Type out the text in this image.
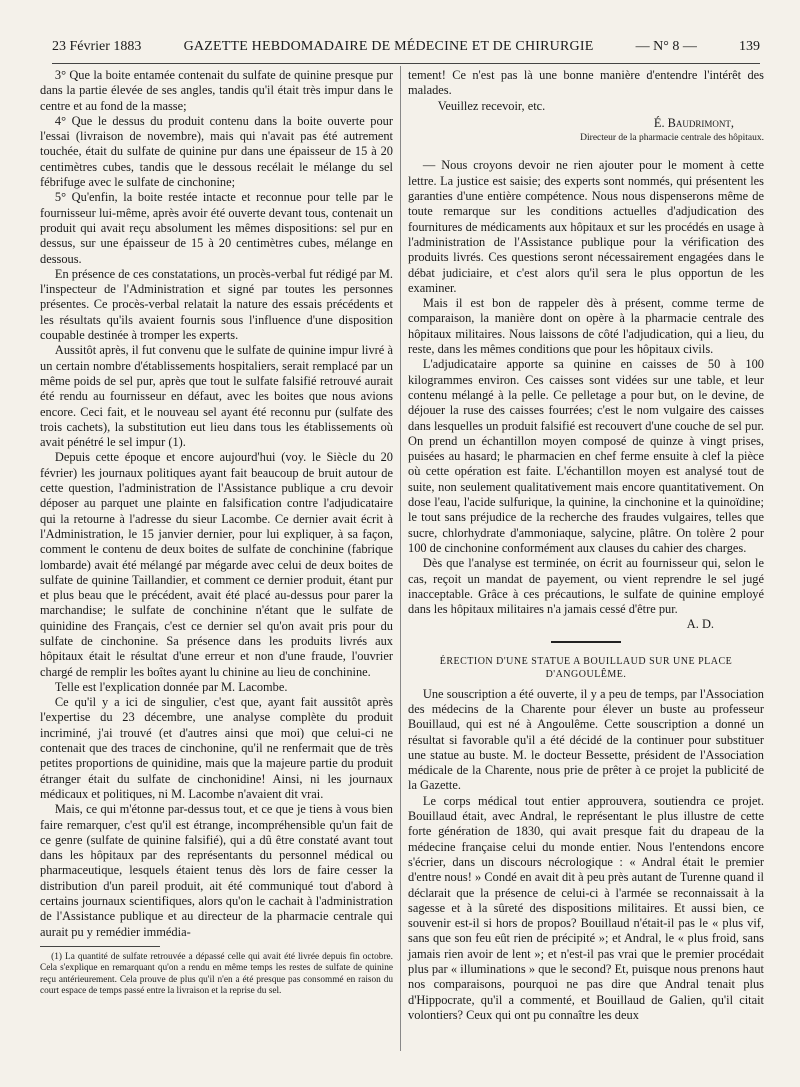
23 Février 1883	GAZETTE HEBDOMADAIRE DE MÉDECINE ET DE CHIRURGIE	— N° 8 —	139

3° Que la boite entamée contenait du sulfate de quinine presque pur dans la partie élevée de ses angles, tandis qu'il était très impur dans le centre et au fond de la masse;

4° Que le dessus du produit contenu dans la boite ouverte pour l'essai (livraison de novembre), mais qui n'avait pas été autrement touchée, était du sulfate de quinine pur dans une épaisseur de 15 à 20 centimètres cubes, tandis que le dessous recélait le mélange du sel fébrifuge avec le sulfate de cinchonine;

5° Qu'enfin, la boite restée intacte et reconnue pour telle par le fournisseur lui-même, après avoir été ouverte devant tous, contenait un produit qui avait reçu absolument les mêmes dispositions: sel pur en dessus, sur une épaisseur de 15 à 20 centimètres cubes, mélange en dessous.

En présence de ces constatations, un procès-verbal fut rédigé par M. l'inspecteur de l'Administration et signé par toutes les personnes présentes. Ce procès-verbal relatait la nature des essais précédents et les résultats qu'ils avaient fournis sous l'influence d'une disposition coupable destinée à tromper les experts.

Aussitôt après, il fut convenu que le sulfate de quinine impur livré à un certain nombre d'établissements hospitaliers, serait remplacé par un même poids de sel pur, après que tout le sulfate falsifié retrouvé aurait été rendu au fournisseur en défaut, avec les boites que nous avions encore. Ceci fait, et le nouveau sel ayant été reconnu pur (sulfate des trois cachets), la substitution eut lieu dans tous les établissements où avait pénétré le sel impur (1).

Depuis cette époque et encore aujourd'hui (voy. le Siècle du 20 février) les journaux politiques ayant fait beaucoup de bruit autour de cette question, l'administration de l'Assistance publique a cru devoir déposer au parquet une plainte en falsification contre l'adjudicataire qui la retourne à l'adresse du sieur Lacombe. Ce dernier avait écrit à l'Administration, le 15 janvier dernier, pour lui expliquer, à sa façon, comment le contenu de deux boites de sulfate de conchinine (fabrique lombarde) avait été mélangé par mégarde avec celui de deux boites de sulfate de quinine Taillandier, et comment ce dernier produit, étant pur et plus beau que le précédent, avait été placé au-dessus pour parer la marchandise; le sulfate de conchinine n'étant que le sulfate de quinidine des Français, c'est ce dernier sel qu'on avait pris pour du sulfate de cinchonine. Sa présence dans les produits livrés aux hôpitaux était le résultat d'une erreur et non d'une fraude, l'ouvrier chargé de remplir les boîtes ayant lu chinine au lieu de conchinine.

Telle est l'explication donnée par M. Lacombe.

Ce qu'il y a ici de singulier, c'est que, ayant fait aussitôt après l'expertise du 23 décembre, une analyse complète du produit incriminé, j'ai trouvé (et d'autres ainsi que moi) que celui-ci ne contenait que des traces de cinchonine, qu'il ne renfermait que de très petites proportions de quinidine, mais que la majeure partie du produit étranger était du sulfate de cinchonidine! Ainsi, ni les journaux médicaux et politiques, ni M. Lacombe n'avaient dit vrai.

Mais, ce qui m'étonne par-dessus tout, et ce que je tiens à vous bien faire remarquer, c'est qu'il est étrange, incompréhensible qu'un fait de ce genre (sulfate de quinine falsifié), qui a dû être constaté avant tout dans les hôpitaux par des représentants du personnel médical ou pharmaceutique, lesquels étaient tenus dès lors de faire cesser la distribution d'un pareil produit, ait été communiqué tout d'abord à certains journaux scientifiques, alors qu'on le cachait à l'administration de l'Assistance publique et au directeur de la pharmacie centrale qui aurait pu y remédier immédia-

(1) La quantité de sulfate retrouvée a dépassé celle qui avait été livrée depuis fin octobre. Cela s'explique en remarquant qu'on a rendu en même temps les restes de sulfate de quinine reçu antérieurement. Cela prouve de plus qu'il n'en a été presque pas consommé en raison du court espace de temps passé entre la livraison et la reprise du sel.

tement! Ce n'est pas là une bonne manière d'entendre l'intérêt des malades.

Veuillez recevoir, etc.

É. Baudrimont,
Directeur de la pharmacie centrale des hôpitaux.

— Nous croyons devoir ne rien ajouter pour le moment à cette lettre. La justice est saisie; des experts sont nommés, qui présentent les garanties d'une entière compétence. Nous nous dispenserons même de toute remarque sur les conditions actuelles d'adjudication des fournitures de médicaments aux hôpitaux et sur les procédés en usage à l'administration de l'Assistance publique pour la vérification des produits livrés. Ces questions seront nécessairement engagées dans le débat judiciaire, et c'est alors qu'il sera le plus opportun de les examiner.

Mais il est bon de rappeler dès à présent, comme terme de comparaison, la manière dont on opère à la pharmacie centrale des hôpitaux militaires. Nous laissons de côté l'adjudication, qui a lieu, du reste, dans les mêmes conditions que pour les hôpitaux civils.

L'adjudicataire apporte sa quinine en caisses de 50 à 100 kilogrammes environ. Ces caisses sont vidées sur une table, et leur contenu mélangé à la pelle. Ce pelletage a pour but, on le devine, de déjouer la ruse des caisses fourrées; c'est le nom vulgaire des caisses dans lesquelles un produit falsifié est recouvert d'une couche de sel pur. On prend un échantillon moyen composé de quinze à vingt prises, puisées au hasard; le pharmacien en chef ferme ensuite à clef la pièce où cette opération est faite. L'échantillon moyen est analysé tout de suite, non seulement qualitativement mais encore quantitativement. On dose l'eau, l'acide sulfurique, la quinine, la cinchonine et la quinoïdine; le tout sans préjudice de la recherche des fraudes vulgaires, telles que sucre, chlorhydrate d'ammoniaque, salycine, plâtre. On tolère 2 pour 100 de cinchonine conformément aux clauses du cahier des charges.

Dès que l'analyse est terminée, on écrit au fournisseur qui, selon le cas, reçoit un mandat de payement, ou vient reprendre le sel jugé inacceptable. Grâce à ces précautions, le sulfate de quinine employé dans les hôpitaux militaires n'a jamais cessé d'être pur.

A. D.

ÉRECTION D'UNE STATUE A BOUILLAUD SUR UNE PLACE D'ANGOULÊME.

Une souscription a été ouverte, il y a peu de temps, par l'Association des médecins de la Charente pour élever un buste au professeur Bouillaud, qui est né à Angoulême. Cette souscription a donné un résultat si favorable qu'il a été décidé de la continuer pour substituer une statue au buste. M. le docteur Bessette, président de l'Association médicale de la Charente, nous prie de prêter à ce projet la publicité de la Gazette.

Le corps médical tout entier approuvera, soutiendra ce projet. Bouillaud était, avec Andral, le représentant le plus illustre de cette forte génération de 1830, qui avait presque fait du drapeau de la médecine française celui du monde entier. Nous l'entendons encore s'écrier, dans un discours nécrologique : « Andral était le premier d'entre nous! » Condé en avait dit à peu près autant de Turenne quand il déclarait que la présence de celui-ci à l'armée se reconnaissait à la sagesse et à la sûreté des dispositions militaires. Et aussi bien, ce souvenir est-il si hors de propos? Bouillaud n'était-il pas le « plus vif, sans que son feu eût rien de précipité »; et Andral, le « plus froid, sans jamais rien avoir de lent »; et n'est-il pas vrai que le premier procédait plus par « illuminations » que le second? Et, puisque nous prenons haut nos comparaisons, pourquoi ne pas dire que Andral tenait plus d'Hippocrate, qu'il a commenté, et Bouillaud de Galien, qu'il citait volontiers? Ceux qui ont pu connaître les deux
